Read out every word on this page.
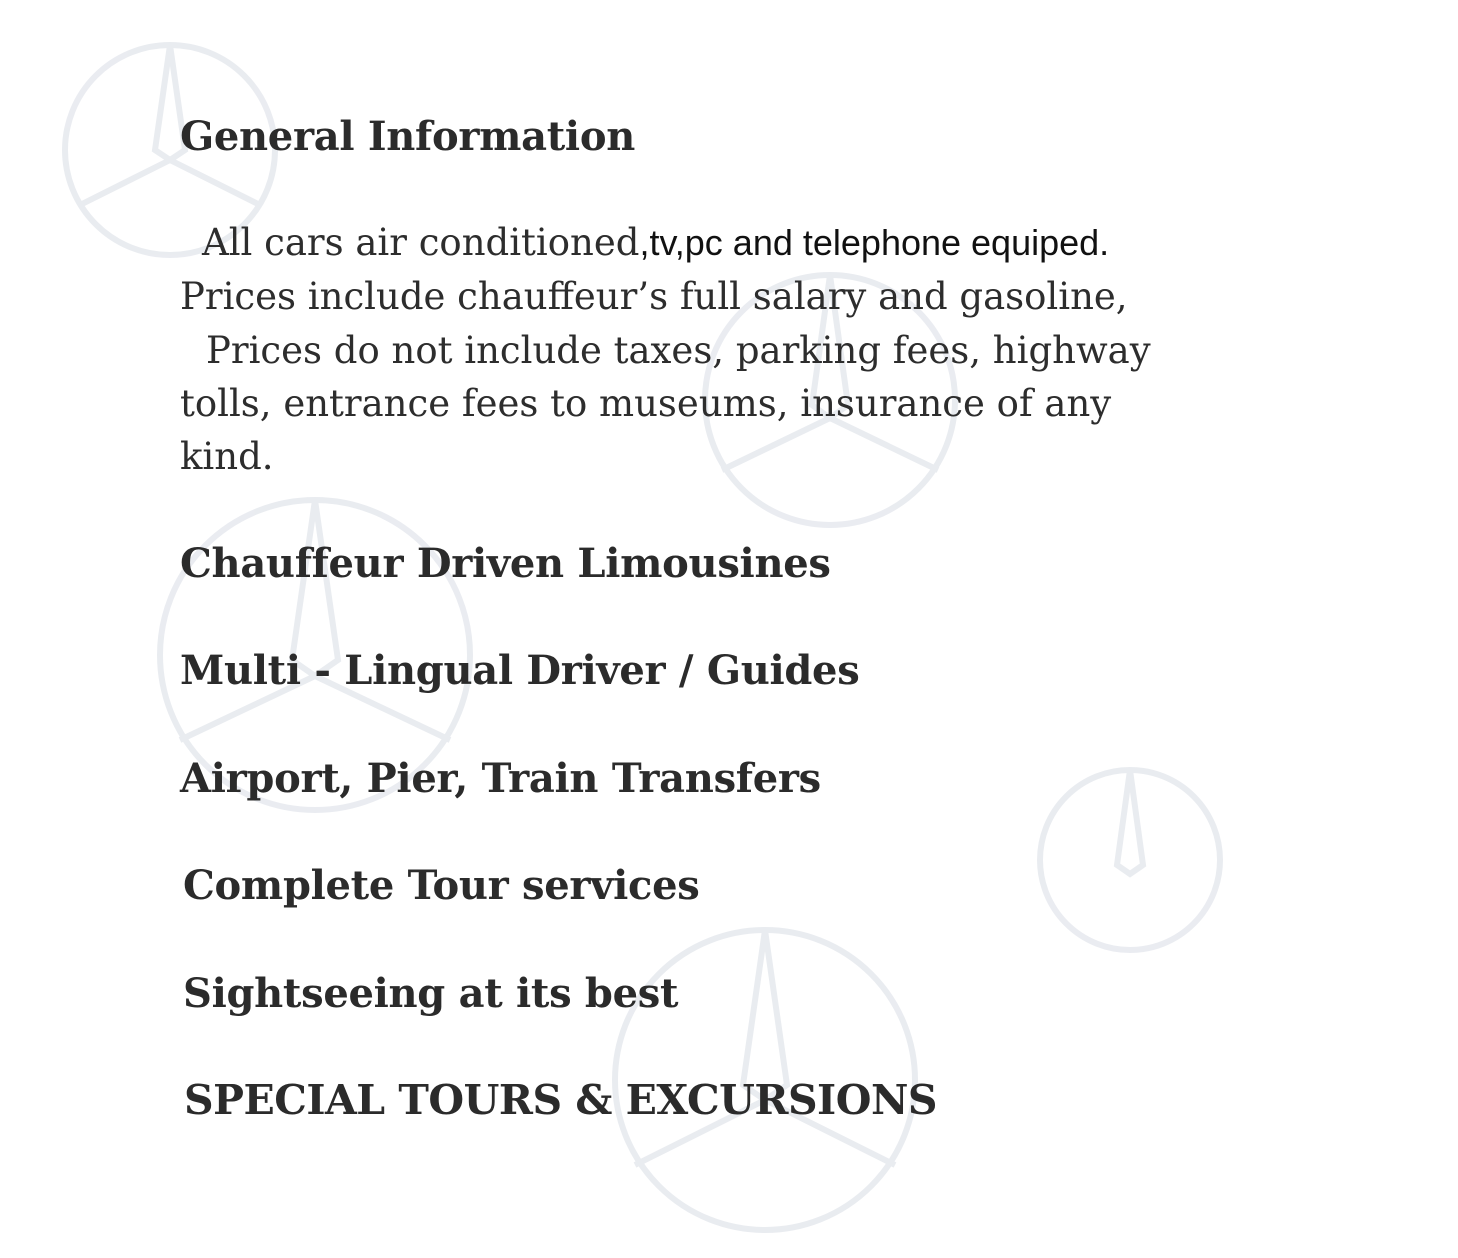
General Information

All cars air conditioned,tv,pc and telephone equiped.

Prices include chauffeur’s full salary and gasoline,

Prices do not include taxes, parking fees, highway

tolls, entrance fees to museums, insurance of any

kind.

Chauffeur Driven Limousines
Multi - Lingual Driver / Guides
Airport, Pier, Train Transfers
Complete Tour services
Sightseeing at its best
SPECIAL TOURS & EXCURSIONS
